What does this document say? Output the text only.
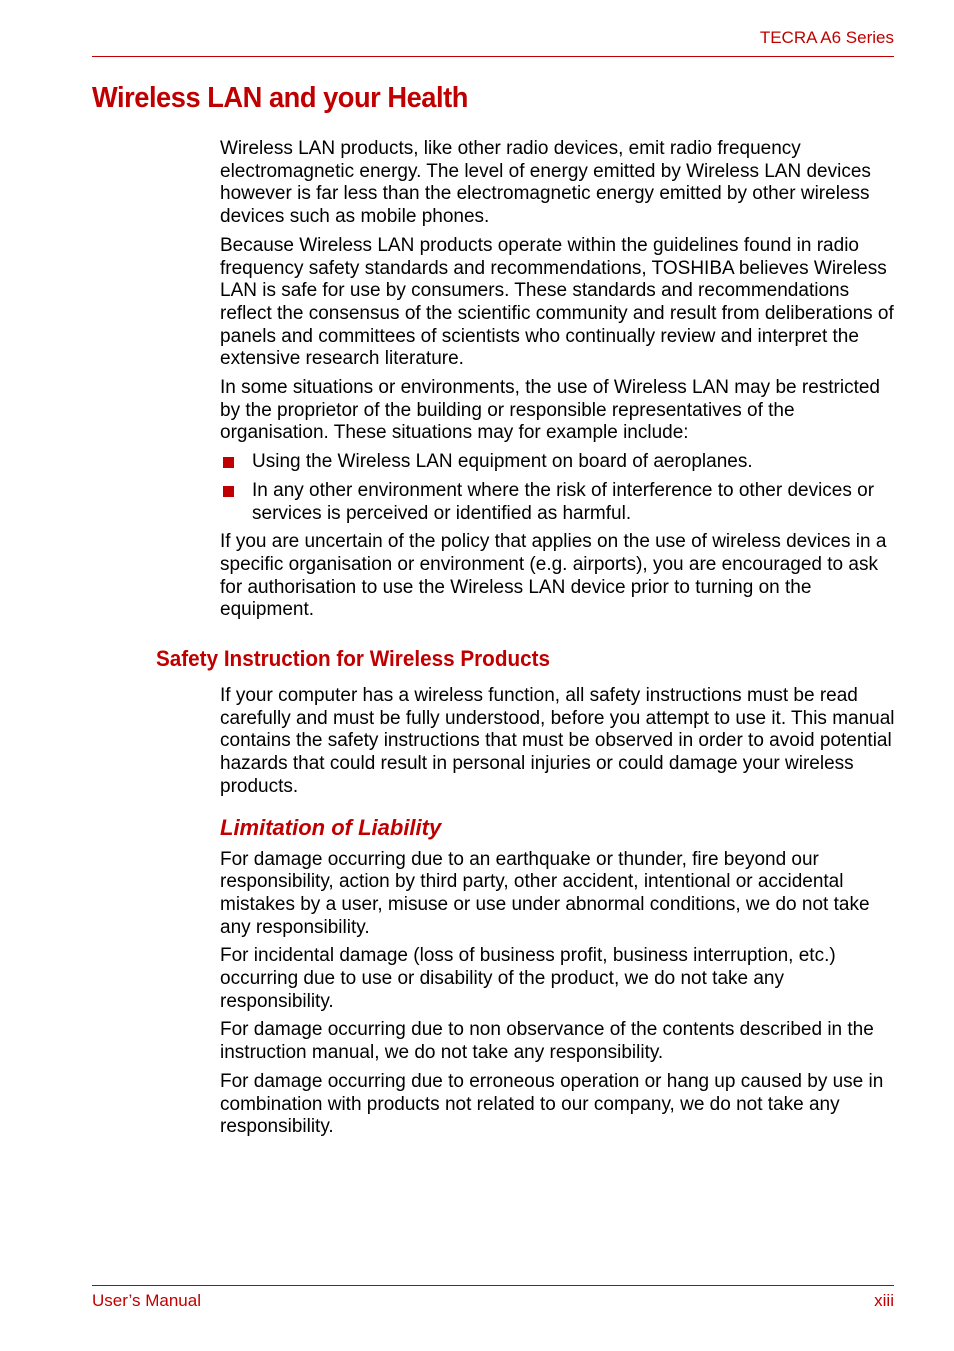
TECRA A6 Series
Wireless LAN and your Health

Wireless LAN products, like other radio devices, emit radio frequency electromagnetic energy. The level of energy emitted by Wireless LAN devices however is far less than the electromagnetic energy emitted by other wireless devices such as mobile phones.

Because Wireless LAN products operate within the guidelines found in radio frequency safety standards and recommendations, TOSHIBA believes Wireless LAN is safe for use by consumers. These standards and recommendations reflect the consensus of the scientific community and result from deliberations of panels and committees of scientists who continually review and interpret the extensive research literature.

In some situations or environments, the use of Wireless LAN may be restricted by the proprietor of the building or responsible representatives of the organisation. These situations may for example include:

Using the Wireless LAN equipment on board of aeroplanes.
In any other environment where the risk of interference to other devices or services is perceived or identified as harmful.

If you are uncertain of the policy that applies on the use of wireless devices in a specific organisation or environment (e.g. airports), you are encouraged to ask for authorisation to use the Wireless LAN device prior to turning on the equipment.

Safety Instruction for Wireless Products

If your computer has a wireless function, all safety instructions must be read carefully and must be fully understood, before you attempt to use it. This manual contains the safety instructions that must be observed in order to avoid potential hazards that could result in personal injuries or could damage your wireless products.

Limitation of Liability

For damage occurring due to an earthquake or thunder, fire beyond our responsibility, action by third party, other accident, intentional or accidental mistakes by a user, misuse or use under abnormal conditions, we do not take any responsibility.

For incidental damage (loss of business profit, business interruption, etc.) occurring due to use or disability of the product, we do not take any responsibility.

For damage occurring due to non observance of the contents described in the instruction manual, we do not take any responsibility.

For damage occurring due to erroneous operation or hang up caused by use in combination with products not related to our company, we do not take any responsibility.

User’s Manual	xiii
